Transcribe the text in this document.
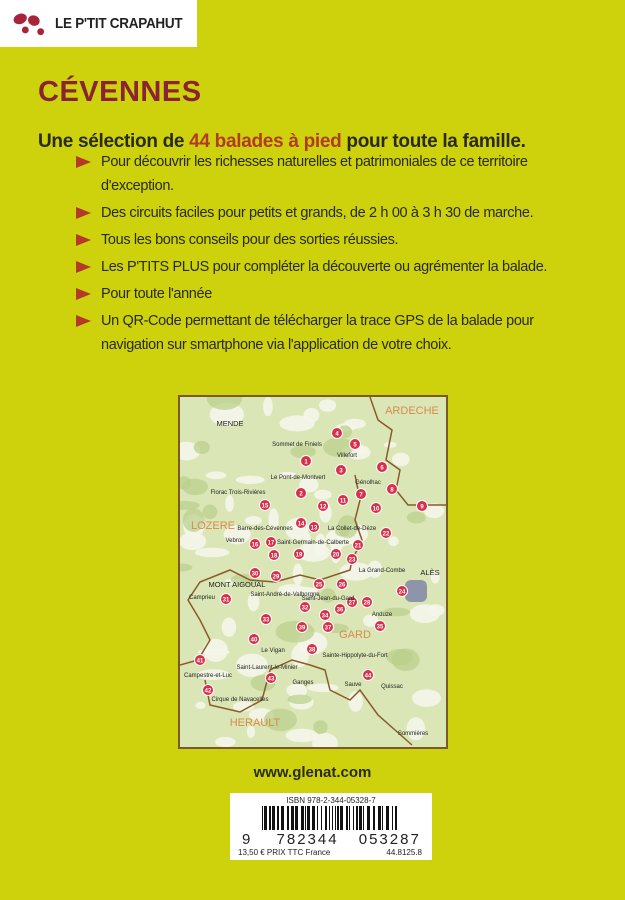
LE P'TIT CRAPAHUT
CÉVENNES
Une sélection de 44 balades à pied pour toute la famille.
Pour découvrir les richesses naturelles et patrimoniales de ce territoire d'exception.
Des circuits faciles pour petits et grands, de 2 h 00 à 3 h 30 de marche.
Tous les bons conseils pour des sorties réussies.
Les P'TITS PLUS pour compléter la découverte ou agrémenter la balade.
Pour toute l'année
Un QR-Code permettant de télécharger la trace GPS de la balade pour navigation sur smartphone via l'application de votre choix.
1
2
3
4
5
6
7
8
9
10
11
12
13
14
15
16 17
18	19	20
21
22
23
24
25	26
27 28
29
30
31
32
33
34
35
36
37
38
39
40
41
42
43	44
ARDECHE
LOZERE
GARD
HERAULT
MENDE
Sommet de Finiels
Villefort
Le Pont-de-Montvert
Génolhac
Florac Trois-Rivières
Barre-des-Cévennes
Vebron	Saint-Germain-de-Calberte
La Collet-de-Dèze
La Grand-Combe
MONT AIGOUAL
Saint-André-de-Valborgne
Saint-Jean-du-Gard
ALÈS
Camprieu
Anduze
Le Vigan
Saint-Laurent-le-Minier
Sainte-Hippolyte-du-Fort
Campestre-et-Luc
Ganges	Sauve	Quissac
Cirque de Navacelles
Sommières
www.glenat.com
ISBN 978-2-344-05328-7
9 782344 053287
13,50 € PRIX TTC France	44.8125.8
